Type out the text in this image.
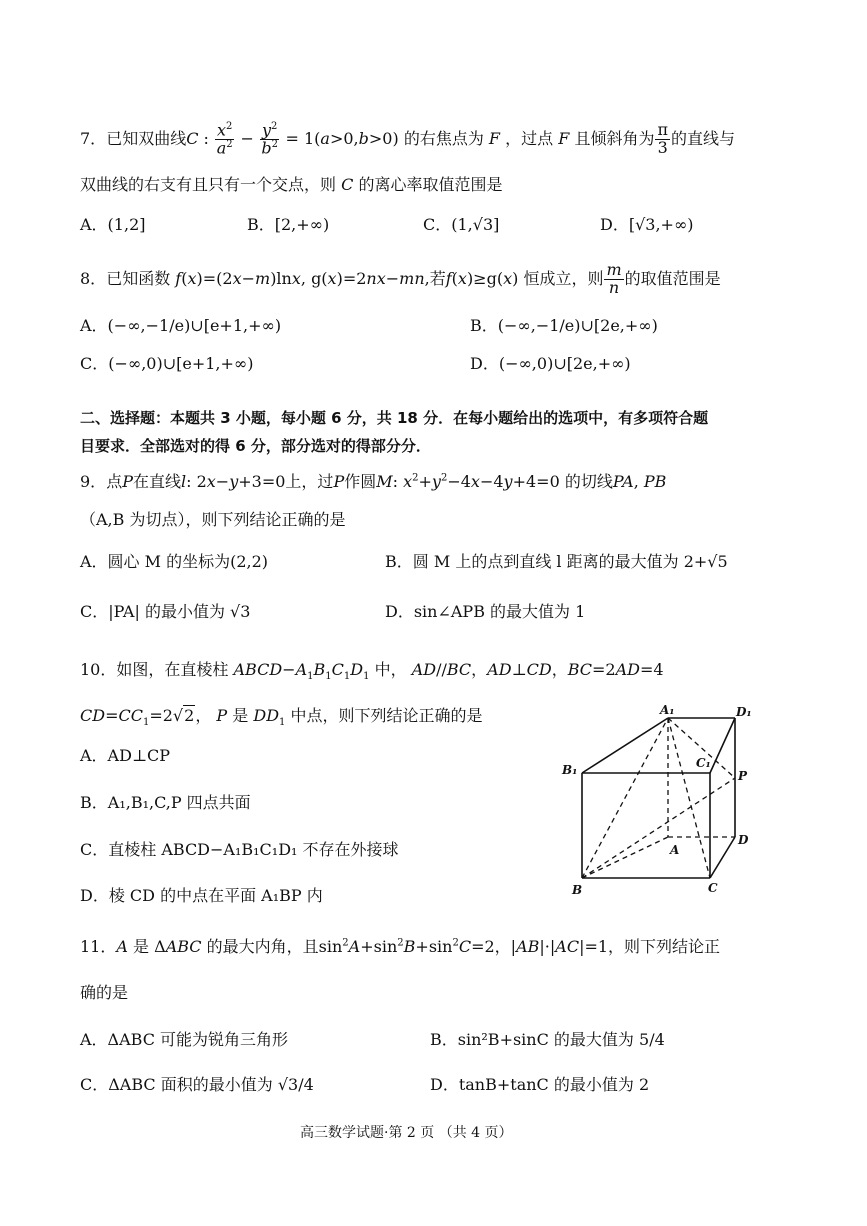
7．已知双曲线C : $\frac{x^2}{a^2} - \frac{y^2}{b^2} = 1(a>0,b>0)$ 的右焦点为 F ，过点 F 且倾斜角为 $\frac{\pi}{3}$ 的直线与
双曲线的右支有且只有一个交点，则 C 的离心率取值范围是
A．(1,2]	B．[2,+∞)	C．(1,√3]	D．[√3,+∞)
8．已知函数 f(x)=(2x−m)lnx, g(x)=2nx−mn,若f(x)≥g(x) 恒成立，则 $\frac{m}{n}$ 的取值范围是
A．(−∞,−1/e)∪[e+1,+∞)	B．(−∞,−1/e)∪[2e,+∞)
C．(−∞,0)∪[e+1,+∞)	D．(−∞,0)∪[2e,+∞)
二、选择题：本题共 3 小题，每小题 6 分，共 18 分．在每小题给出的选项中，有多项符合题
目要求．全部选对的得 6 分，部分选对的得部分分．
9．点P在直线l: 2x−y+3=0上，过P作圆M: $x^2+y^2-4x-4y+4=0$ 的切线PA, PB
（A,B 为切点），则下列结论正确的是
A．圆心 M 的坐标为(2,2)	B．圆 M 上的点到直线 l 距离的最大值为 2+√5
C．|PA| 的最小值为 √3	D．sin∠APB 的最大值为 1
10．如图，在直棱柱 $ABCD-A_1B_1C_1D_1$ 中， AD//BC，AD⊥CD，BC=2AD=4
$CD=CC_1=2√2$， P 是 $DD_1$ 中点，则下列结论正确的是
A．AD⊥CP
B．A₁,B₁,C,P 四点共面
C．直棱柱 ABCD−A₁B₁C₁D₁ 不存在外接球
D．棱 CD 的中点在平面 A₁BP 内
A₁	D₁
B₁	C₁
P
A
D
B	C
11．A 是 ΔABC 的最大内角，且$\sin^2A+\sin^2B+\sin^2C=2$，|AB|·|AC|=1，则下列结论正
确的是
A．ΔABC 可能为锐角三角形	B．sin²B+sinC 的最大值为 5/4
C．ΔABC 面积的最小值为 √3/4	D．tanB+tanC 的最小值为 2
高三数学试题·第 2 页 （共 4 页）
